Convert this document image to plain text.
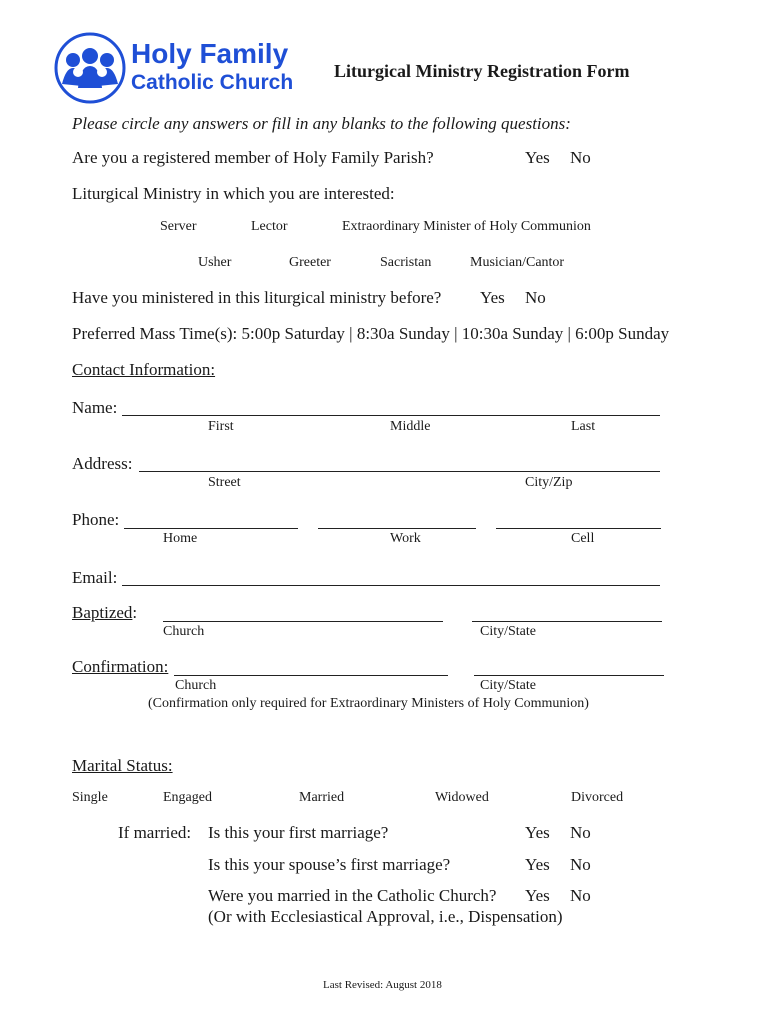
Holy Family
Catholic Church Liturgical Ministry Registration Form
Please circle any answers or fill in any blanks to the following questions:
Are you a registered member of Holy Family Parish?	Yes No
Liturgical Ministry in which you are interested:
Server	Lector	Extraordinary Minister of Holy Communion
Usher	Greeter	Sacristan	Musician/Cantor
Have you ministered in this liturgical ministry before? Yes No
Preferred Mass Time(s): 5:00p Saturday | 8:30a Sunday | 10:30a Sunday | 6:00p Sunday
Contact Information:
Name:
First	Middle	Last
Address:
Street	City/Zip
Phone:
Home	Work	Cell
Email:
Baptized:
Church	City/State
Confirmation:
Church	City/State
(Confirmation only required for Extraordinary Ministers of Holy Communion)
Marital Status:
Single	Engaged	Married	Widowed	Divorced
If married: Is this your first marriage?	Yes No
Is this your spouse’s first marriage?	Yes No
Were you married in the Catholic Church? Yes No
(Or with Ecclesiastical Approval, i.e., Dispensation)
Last Revised: August 2018
